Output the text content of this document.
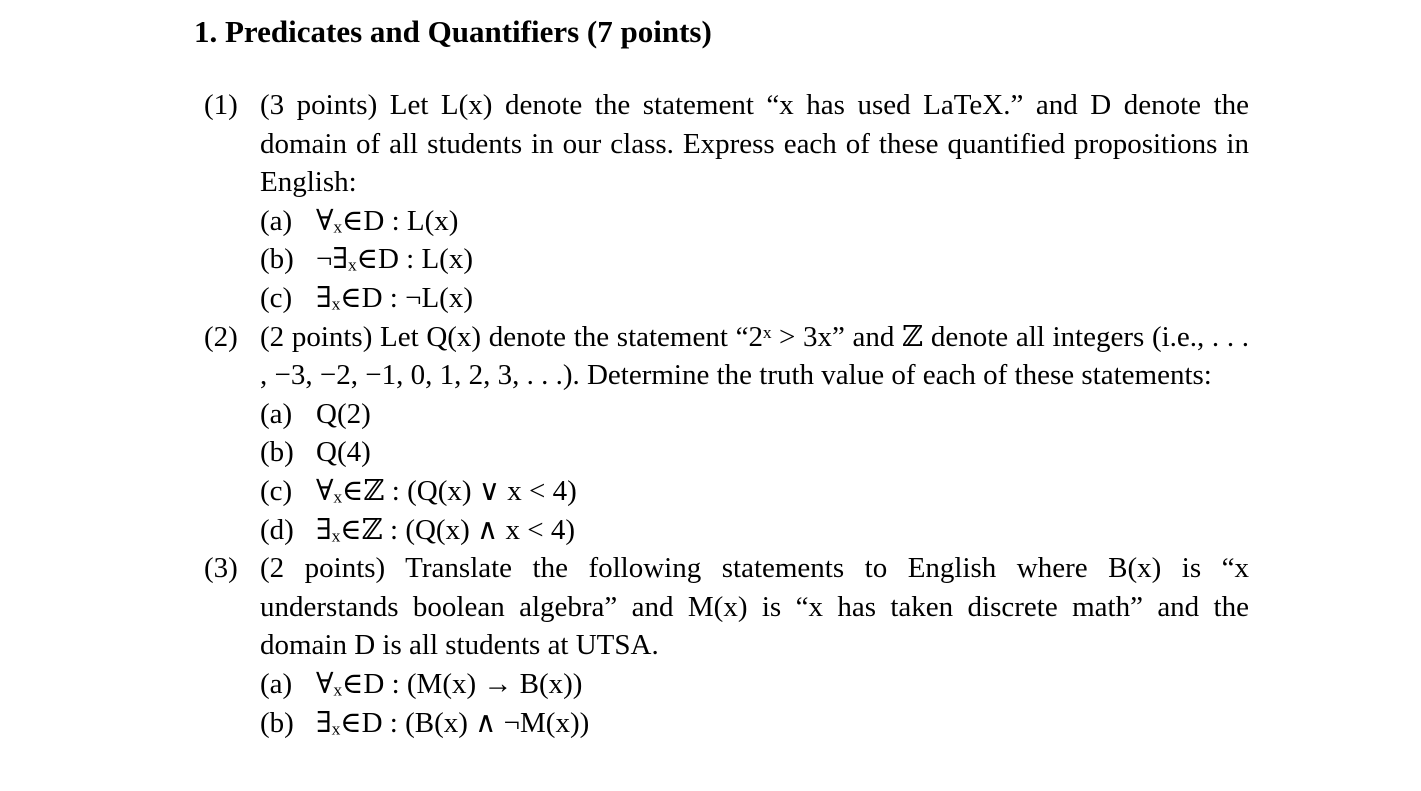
1. Predicates and Quantifiers (7 points)
(1) (3 points) Let L(x) denote the statement “x has used LaTeX.” and D denote the domain of all students in our class. Express each of these quantified propositions in English:
(a) ∀ₓ∈D : L(x)
(b) ¬∃ₓ∈D : L(x)
(c) ∃ₓ∈D : ¬L(x)
(2) (2 points) Let Q(x) denote the statement “2ˣ > 3x” and ℤ denote all integers (i.e., . . . , −3, −2, −1, 0, 1, 2, 3, . . .). Determine the truth value of each of these statements:
(a) Q(2)
(b) Q(4)
(c) ∀ₓ∈ℤ : (Q(x) ∨ x < 4)
(d) ∃ₓ∈ℤ : (Q(x) ∧ x < 4)
(3) (2 points) Translate the following statements to English where B(x) is “x understands boolean algebra” and M(x) is “x has taken discrete math” and the domain D is all students at UTSA.
(a) ∀ₓ∈D : (M(x) → B(x))
(b) ∃ₓ∈D : (B(x) ∧ ¬M(x))
